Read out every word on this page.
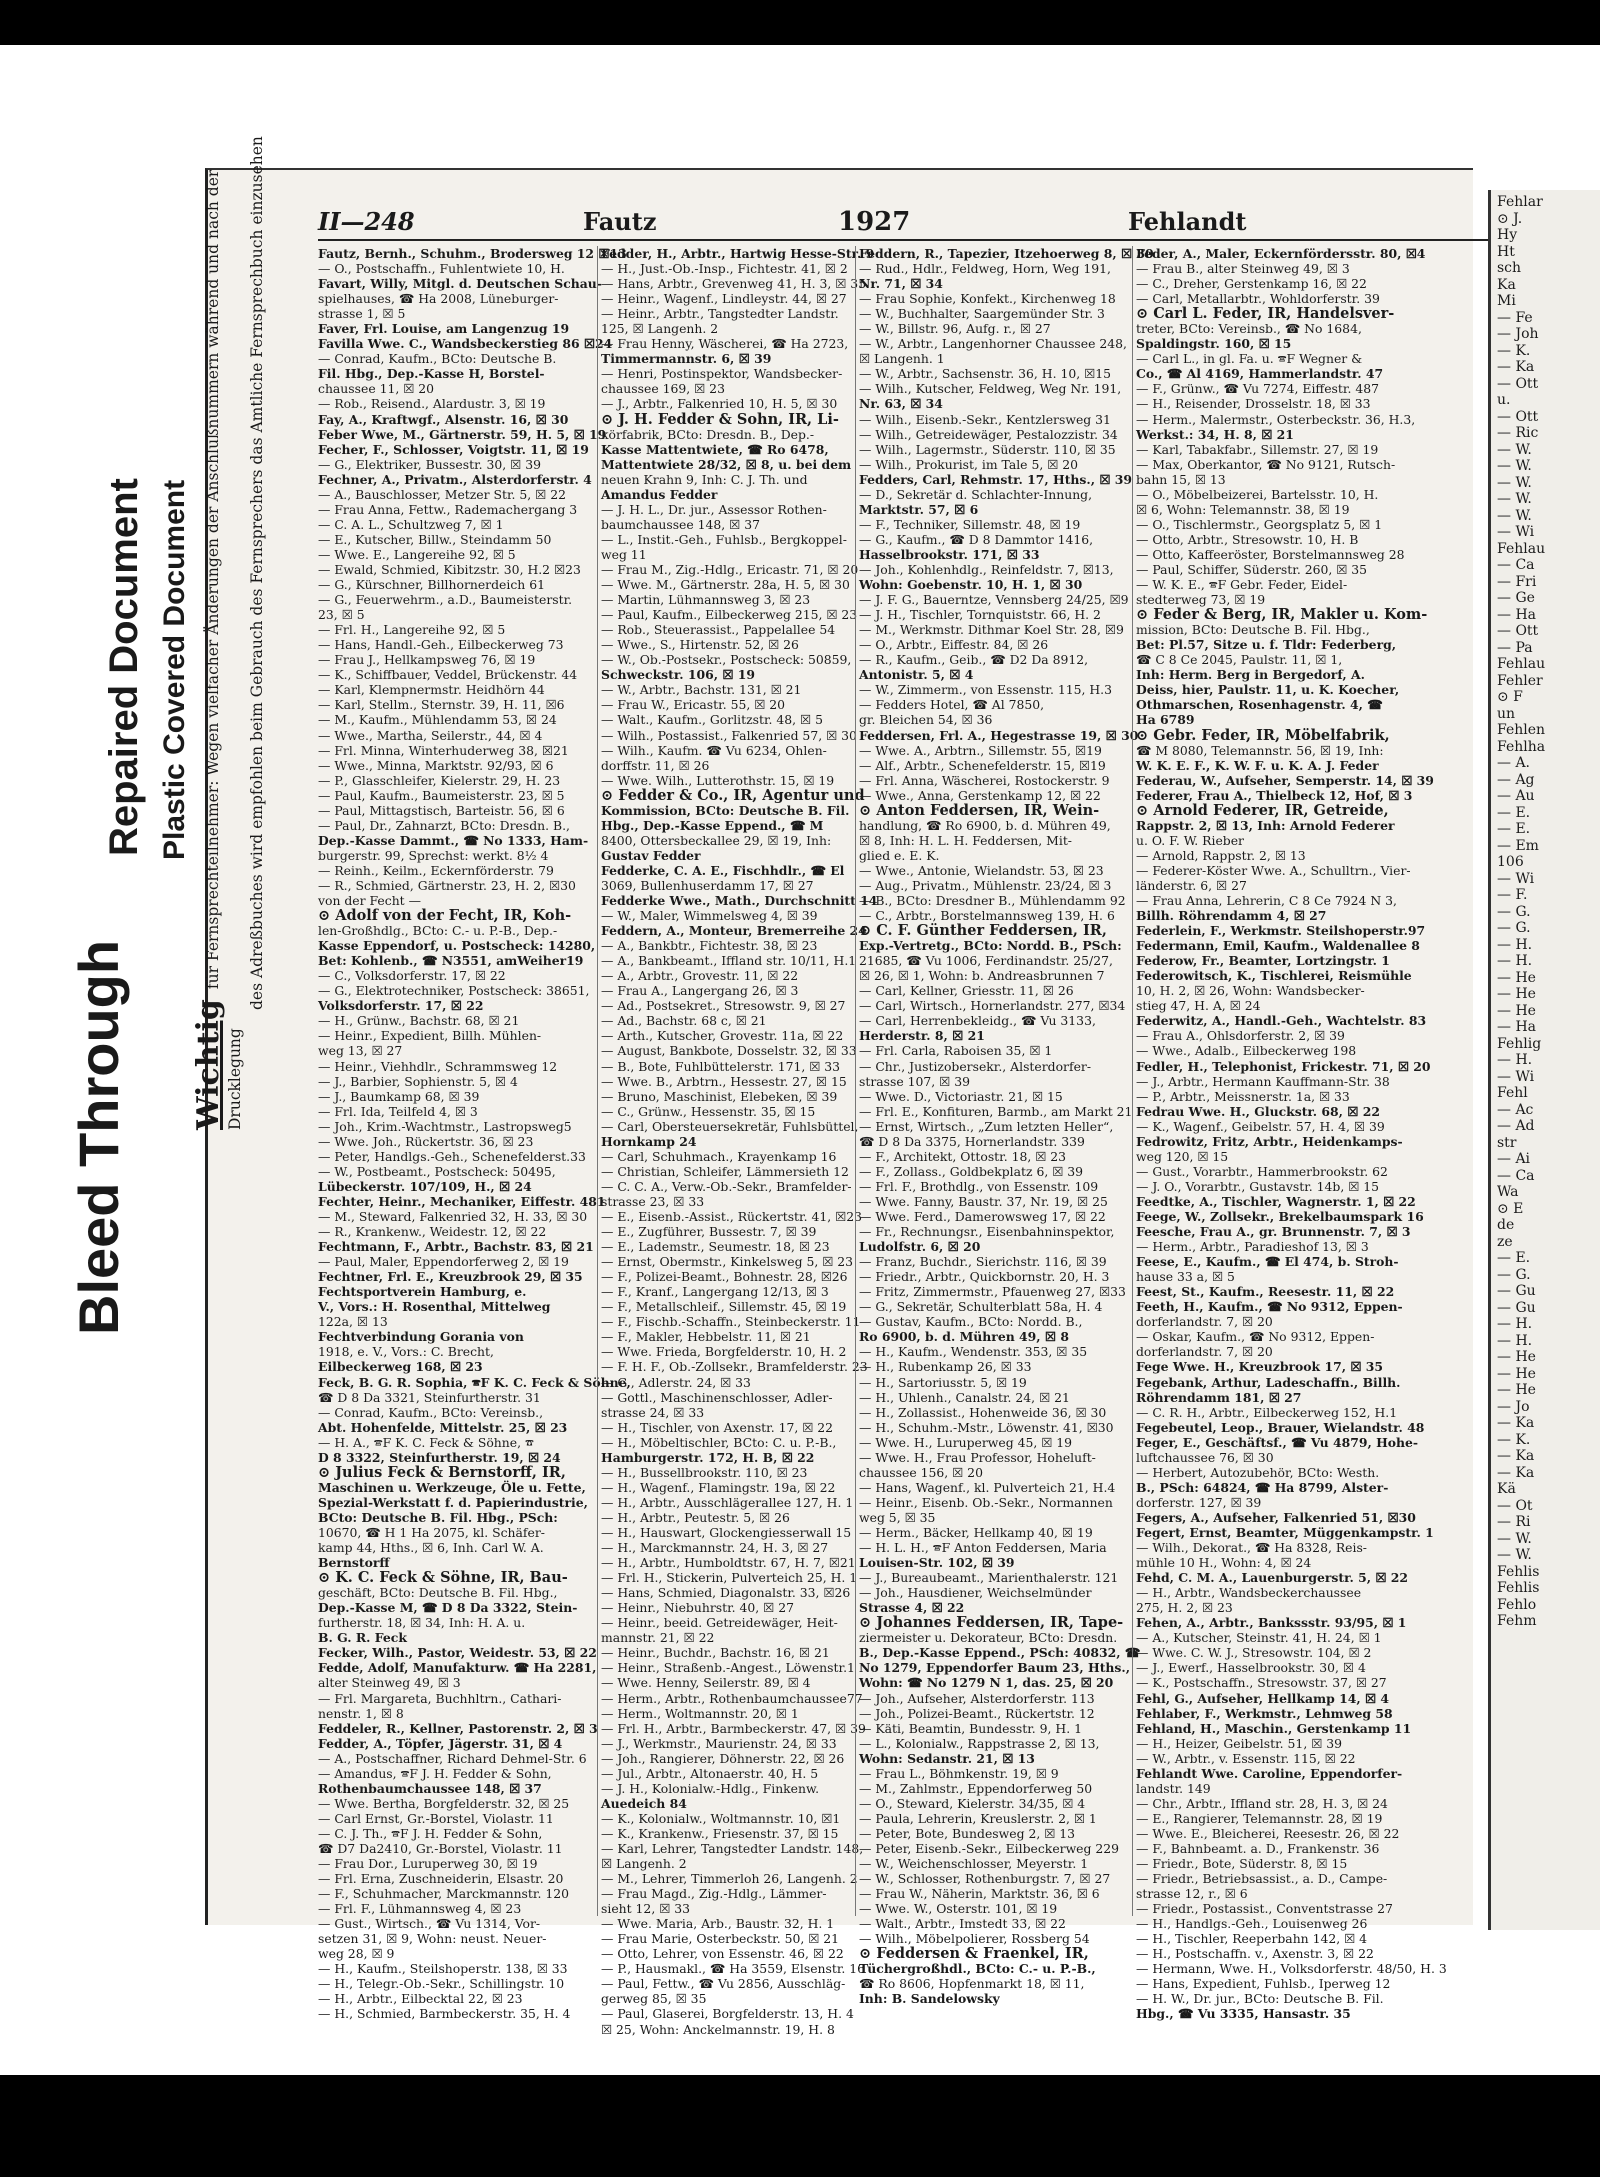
Bleed Through
Repaired Document Plastic Covered Document
Wichtigfür Fernsprechteilnehmer: Wegen vielfacher Änderungen der Anschlußnummern während und nach der Drucklegung
des Adreßbuches wird empfohlen beim Gebrauch des Fernsprechers das Amtliche Fernsprechbuch einzusehen II—248	Fautz	1927	Fehlandt
Fautz, Bernh., Schuhm., Brodersweg 12 ☒13
— O., Postschaffn., Fuhlentwiete 10, H.
Favart, Willy, Mitgl. d. Deutschen Schau-
spielhauses, ☎ Ha 2008, Lüneburger-
strasse 1, ☒ 5
Faver, Frl. Louise, am Langenzug 19
Favilla Wwe. C., Wandsbeckerstieg 86 ☒24
— Conrad, Kaufm., BCto: Deutsche B.
Fil. Hbg., Dep.-Kasse H, Borstel-
chaussee 11, ☒ 20
— Rob., Reisend., Alardustr. 3, ☒ 19
Fay, A., Kraftwgf., Alsenstr. 16, ☒ 30
Feber Wwe, M., Gärtnerstr. 59, H. 5, ☒ 19
Fecher, F., Schlosser, Voigtstr. 11, ☒ 19
— G., Elektriker, Bussestr. 30, ☒ 39
Fechner, A., Privatm., Alsterdorferstr. 4
— A., Bauschlosser, Metzer Str. 5, ☒ 22
— Frau Anna, Fettw., Rademachergang 3
— C. A. L., Schultzweg 7, ☒ 1
— E., Kutscher, Billw., Steindamm 50
— Wwe. E., Langereihe 92, ☒ 5
— Ewald, Schmied, Kibitzstr. 30, H.2 ☒23
— G., Kürschner, Billhornerdeich 61
— G., Feuerwehrm., a.D., Baumeisterstr.
23, ☒ 5
— Frl. H., Langereihe 92, ☒ 5
— Hans, Handl.-Geh., Eilbeckerweg 73
— Frau J., Hellkampsweg 76, ☒ 19
— K., Schiffbauer, Veddel, Brückenstr. 44
— Karl, Klempnermstr. Heidhörn 44
— Karl, Stellm., Sternstr. 39, H. 11, ☒6
— M., Kaufm., Mühlendamm 53, ☒ 24
— Wwe., Martha, Seilerstr., 44, ☒ 4
— Frl. Minna, Winterhuderweg 38, ☒21
— Wwe., Minna, Marktstr. 92/93, ☒ 6
— P., Glasschleifer, Kielerstr. 29, H. 23
— Paul, Kaufm., Baumeisterstr. 23, ☒ 5
— Paul, Mittagstisch, Barteistr. 56, ☒ 6
— Paul, Dr., Zahnarzt, BCto: Dresdn. B.,
Dep.-Kasse Dammt., ☎ No 1333, Ham-
burgerstr. 99, Sprechst: werkt. 8½ 4
— Reinh., Keilm., Eckernförderstr. 79
— R., Schmied, Gärtnerstr. 23, H. 2, ☒30
von der Fecht —
⊙ Adolf von der Fecht, IR, Koh-
len-Großhdlg., BCto: C.- u. P.-B., Dep.-
Kasse Eppendorf, u. Postscheck: 14280,
Bet: Kohlenb., ☎ N3551, amWeiher19
— C., Volksdorferstr. 17, ☒ 22
— G., Elektrotechniker, Postscheck: 38651,
Volksdorferstr. 17, ☒ 22
— H., Grünw., Bachstr. 68, ☒ 21
— Heinr., Expedient, Billh. Mühlen-
weg 13, ☒ 27
— Heinr., Viehhdlr., Schrammsweg 12
— J., Barbier, Sophienstr. 5, ☒ 4
— J., Baumkamp 68, ☒ 39
— Frl. Ida, Teilfeld 4, ☒ 3
— Joh., Krim.-Wachtmstr., Lastropsweg5
— Wwe. Joh., Rückertstr. 36, ☒ 23
— Peter, Handlgs.-Geh., Schenefelderst.33
— W., Postbeamt., Postscheck: 50495,
Lübeckerstr. 107/109, H., ☒ 24
Fechter, Heinr., Mechaniker, Eiffestr. 481
— M., Steward, Falkenried 32, H. 33, ☒ 30
— R., Krankenw., Weidestr. 12, ☒ 22
Fechtmann, F., Arbtr., Bachstr. 83, ☒ 21
— Paul, Maler, Eppendorferweg 2, ☒ 19
Fechtner, Frl. E., Kreuzbrook 29, ☒ 35
Fechtsportverein Hamburg, e.
V., Vors.: H. Rosenthal, Mittelweg
122a, ☒ 13
Fechtverbindung Gorania von
1918, e. V., Vors.: C. Brecht,
Eilbeckerweg 168, ☒ 23
Feck, B. G. R. Sophia, 🕿F K. C. Feck & Söhne,
☎ D 8 Da 3321, Steinfurtherstr. 31
— Conrad, Kaufm., BCto: Vereinsb.,
Abt. Hohenfelde, Mittelstr. 25, ☒ 23
— H. A., 🕿F K. C. Feck & Söhne, ☎
D 8 3322, Steinfurtherstr. 19, ☒ 24
⊙ Julius Feck & Bernstorff, IR,
Maschinen u. Werkzeuge, Öle u. Fette,
Spezial-Werkstatt f. d. Papierindustrie,
BCto: Deutsche B. Fil. Hbg., PSch:
10670, ☎ H 1 Ha 2075, kl. Schäfer-
kamp 44, Hths., ☒ 6, Inh. Carl W. A.
Bernstorff
⊙ K. C. Feck & Söhne, IR, Bau-
geschäft, BCto: Deutsche B. Fil. Hbg.,
Dep.-Kasse M, ☎ D 8 Da 3322, Stein-
furtherstr. 18, ☒ 34, Inh: H. A. u.
B. G. R. Feck
Fecker, Wilh., Pastor, Weidestr. 53, ☒ 22
Fedde, Adolf, Manufakturw. ☎ Ha 2281,
alter Steinweg 49, ☒ 3
— Frl. Margareta, Buchhltrn., Cathari-
nenstr. 1, ☒ 8
Feddeler, R., Kellner, Pastorenstr. 2, ☒ 3
Fedder, A., Töpfer, Jägerstr. 31, ☒ 4
— A., Postschaffner, Richard Dehmel-Str. 6
— Amandus, 🕿F J. H. Fedder & Sohn,
Rothenbaumchaussee 148, ☒ 37
— Wwe. Bertha, Borgfelderstr. 32, ☒ 25
— Carl Ernst, Gr.-Borstel, Violastr. 11
— C. J. Th., 🕿F J. H. Fedder & Sohn,
☎ D7 Da2410, Gr.-Borstel, Violastr. 11
— Frau Dor., Luruperweg 30, ☒ 19
— Frl. Erna, Zuschneiderin, Elsastr. 20
— F., Schuhmacher, Marckmannstr. 120
— Frl. F., Lühmannsweg 4, ☒ 23
— Gust., Wirtsch., ☎ Vu 1314, Vor-
setzen 31, ☒ 9, Wohn: neust. Neuer-
weg 28, ☒ 9
— H., Kaufm., Steilshoperstr. 138, ☒ 33
— H., Telegr.-Ob.-Sekr., Schillingstr. 10
— H., Arbtr., Eilbecktal 22, ☒ 23
— H., Schmied, Barmbeckerstr. 35, H. 4
Fedder, H., Arbtr., Hartwig Hesse-Str. 9
— H., Just.-Ob.-Insp., Fichtestr. 41, ☒ 2
— Hans, Arbtr., Grevenweg 41, H. 3, ☒ 35
— Heinr., Wagenf., Lindleystr. 44, ☒ 27
— Heinr., Arbtr., Tangstedter Landstr.
125, ☒ Langenh. 2
— Frau Henny, Wäscherei, ☎ Ha 2723,
Timmermannstr. 6, ☒ 39
— Henri, Postinspektor, Wandsbecker-
chaussee 169, ☒ 23
— J., Arbtr., Falkenried 10, H. 5, ☒ 30
⊙ J. H. Fedder & Sohn, IR, Li-
körfabrik, BCto: Dresdn. B., Dep.-
Kasse Mattentwiete, ☎ Ro 6478,
Mattentwiete 28/32, ☒ 8, u. bei dem
neuen Krahn 9, Inh: C. J. Th. und
Amandus Fedder
— J. H. L., Dr. jur., Assessor Rothen-
baumchaussee 148, ☒ 37
— L., Instit.-Geh., Fuhlsb., Bergkoppel-
weg 11
— Frau M., Zig.-Hdlg., Ericastr. 71, ☒ 20
— Wwe. M., Gärtnerstr. 28a, H. 5, ☒ 30
— Martin, Lühmannsweg 3, ☒ 23
— Paul, Kaufm., Eilbeckerweg 215, ☒ 23
— Rob., Steuerassist., Pappelallee 54
— Wwe., S., Hirtenstr. 52, ☒ 26
— W., Ob.-Postsekr., Postscheck: 50859,
Schweckstr. 106, ☒ 19
— W., Arbtr., Bachstr. 131, ☒ 21
— Frau W., Ericastr. 55, ☒ 20
— Walt., Kaufm., Gorlitzstr. 48, ☒ 5
— Wilh., Postassist., Falkenried 57, ☒ 30
— Wilh., Kaufm. ☎ Vu 6234, Ohlen-
dorffstr. 11, ☒ 26
— Wwe. Wilh., Lutterothstr. 15, ☒ 19
⊙ Fedder & Co., IR, Agentur und
Kommission, BCto: Deutsche B. Fil.
Hbg., Dep.-Kasse Eppend., ☎ M
8400, Ottersbeckallee 29, ☒ 19, Inh:
Gustav Fedder
Fedderke, C. A. E., Fischhdlr., ☎ El
3069, Bullenhuserdamm 17, ☒ 27
Fedderke Wwe., Math., Durchschnitt 14
— W., Maler, Wimmelsweg 4, ☒ 39
Feddern, A., Monteur, Bremerreihe 24
— A., Bankbtr., Fichtestr. 38, ☒ 23
— A., Bankbeamt., Iffland str. 10/11, H.1
— A., Arbtr., Grovestr. 11, ☒ 22
— Frau A., Langergang 26, ☒ 3
— Ad., Postsekret., Stresowstr. 9, ☒ 27
— Ad., Bachstr. 68 c, ☒ 21
— Arth., Kutscher, Grovestr. 11a, ☒ 22
— August, Bankbote, Dosselstr. 32, ☒ 33
— B., Bote, Fuhlbüttelerstr. 171, ☒ 33
— Wwe. B., Arbtrn., Hessestr. 27, ☒ 15
— Bruno, Maschinist, Elebeken, ☒ 39
— C., Grünw., Hessenstr. 35, ☒ 15
— Carl, Obersteuersekretär, Fuhlsbüttel,
Hornkamp 24
— Carl, Schuhmach., Krayenkamp 16
— Christian, Schleifer, Lämmersieth 12
— C. C. A., Verw.-Ob.-Sekr., Bramfelder-
strasse 23, ☒ 33
— E., Eisenb.-Assist., Rückertstr. 41, ☒23
— E., Zugführer, Bussestr. 7, ☒ 39
— E., Lademstr., Seumestr. 18, ☒ 23
— Ernst, Obermstr., Kinkelsweg 5, ☒ 23
— F., Polizei-Beamt., Bohnestr. 28, ☒26
— F., Kranf., Langergang 12/13, ☒ 3
— F., Metallschleif., Sillemstr. 45, ☒ 19
— F., Fischb.-Schaffn., Steinbeckerstr. 11
— F., Makler, Hebbelstr. 11, ☒ 21
— Wwe. Frieda, Borgfelderstr. 10, H. 2
— F. H. F., Ob.-Zollsekr., Bramfelderstr. 23
— G., Adlerstr. 24, ☒ 33
— Gottl., Maschinenschlosser, Adler-
strasse 24, ☒ 33
— H., Tischler, von Axenstr. 17, ☒ 22
— H., Möbeltischler, BCto: C. u. P.-B.,
Hamburgerstr. 172, H. B, ☒ 22
— H., Bussellbrookstr. 110, ☒ 23
— H., Wagenf., Flamingstr. 19a, ☒ 22
— H., Arbtr., Ausschlägerallee 127, H. 1
— H., Arbtr., Peutestr. 5, ☒ 26
— H., Hauswart, Glockengiesserwall 15
— H., Marckmannstr. 24, H. 3, ☒ 27
— H., Arbtr., Humboldtstr. 67, H. 7, ☒21
— Frl. H., Stickerin, Pulverteich 25, H. 1
— Hans, Schmied, Diagonalstr. 33, ☒26
— Heinr., Niebuhrstr. 40, ☒ 27
— Heinr., beeid. Getreidewäger, Heit-
mannstr. 21, ☒ 22
— Heinr., Buchdr., Bachstr. 16, ☒ 21
— Heinr., Straßenb.-Angest., Löwenstr.1
— Wwe. Henny, Seilerstr. 89, ☒ 4
— Herm., Arbtr., Rothenbaumchaussee77
— Herm., Woltmannstr. 20, ☒ 1
— Frl. H., Arbtr., Barmbeckerstr. 47, ☒ 39
— J., Werkmstr., Maurienstr. 24, ☒ 33
— Joh., Rangierer, Döhnerstr. 22, ☒ 26
— Jul., Arbtr., Altonaerstr. 40, H. 5
— J. H., Kolonialw.-Hdlg., Finkenw.
Auedeich 84
— K., Kolonialw., Woltmannstr. 10, ☒1
— K., Krankenw., Friesenstr. 37, ☒ 15
— Karl, Lehrer, Tangstedter Landstr. 148,
☒ Langenh. 2
— M., Lehrer, Timmerloh 26, Langenh. 2
— Frau Magd., Zig.-Hdlg., Lämmer-
sieht 12, ☒ 33
— Wwe. Maria, Arb., Baustr. 32, H. 1
— Frau Marie, Osterbeckstr. 50, ☒ 21
— Otto, Lehrer, von Essenstr. 46, ☒ 22
— P., Hausmakl., ☎ Ha 3559, Elsenstr. 16
— Paul, Fettw., ☎ Vu 2856, Ausschläg-
gerweg 85, ☒ 35
— Paul, Glaserei, Borgfelderstr. 13, H. 4
☒ 25, Wohn: Anckelmannstr. 19, H. 8
Feddern, R., Tapezier, Itzehoerweg 8, ☒ 30
— Rud., Hdlr., Feldweg, Horn, Weg 191,
Nr. 71, ☒ 34
— Frau Sophie, Konfekt., Kirchenweg 18
— W., Buchhalter, Saargemünder Str. 3
— W., Billstr. 96, Aufg. r., ☒ 27
— W., Arbtr., Langenhorner Chaussee 248,
☒ Langenh. 1
— W., Arbtr., Sachsenstr. 36, H. 10, ☒15
— Wilh., Kutscher, Feldweg, Weg Nr. 191,
Nr. 63, ☒ 34
— Wilh., Eisenb.-Sekr., Kentzlersweg 31
— Wilh., Getreidewäger, Pestalozzistr. 34
— Wilh., Lagermstr., Süderstr. 110, ☒ 35
— Wilh., Prokurist, im Tale 5, ☒ 20
Fedders, Carl, Rehmstr. 17, Hths., ☒ 39
— D., Sekretär d. Schlachter-Innung,
Marktstr. 57, ☒ 6
— F., Techniker, Sillemstr. 48, ☒ 19
— G., Kaufm., ☎ D 8 Dammtor 1416,
Hasselbrookstr. 171, ☒ 33
— Joh., Kohlenhdlg., Reinfeldstr. 7, ☒13,
Wohn: Goebenstr. 10, H. 1, ☒ 30
— J. F. G., Bauerntze, Vennsberg 24/25, ☒9
— J. H., Tischler, Tornquiststr. 66, H. 2
— M., Werkmstr. Dithmar Koel Str. 28, ☒9
— O., Arbtr., Eiffestr. 84, ☒ 26
— R., Kaufm., Geib., ☎ D2 Da 8912,
Antonistr. 5, ☒ 4
— W., Zimmerm., von Essenstr. 115, H.3
— Fedders Hotel, ☎ Al 7850,
gr. Bleichen 54, ☒ 36
Feddersen, Frl. A., Hegestrasse 19, ☒ 30
— Wwe. A., Arbtrn., Sillemstr. 55, ☒19
— Alf., Arbtr., Schenefelderstr. 15, ☒19
— Frl. Anna, Wäscherei, Rostockerstr. 9
— Wwe., Anna, Gerstenkamp 12, ☒ 22
⊙ Anton Feddersen, IR, Wein-
handlung, ☎ Ro 6900, b. d. Mühren 49,
☒ 8, Inh: H. L. H. Feddersen, Mit-
glied e. E. K.
— Wwe., Antonie, Wielandstr. 53, ☒ 23
— Aug., Privatm., Mühlenstr. 23/24, ☒ 3
— B., BCto: Dresdner B., Mühlendamm 92
— C., Arbtr., Borstelmannsweg 139, H. 6
⊙ C. F. Günther Feddersen, IR,
Exp.-Vertretg., BCto: Nordd. B., PSch:
21685, ☎ Vu 1006, Ferdinandstr. 25/27,
☒ 26, ☒ 1, Wohn: b. Andreasbrunnen 7
— Carl, Kellner, Griesstr. 11, ☒ 26
— Carl, Wirtsch., Hornerlandstr. 277, ☒34
— Carl, Herrenbekleidg., ☎ Vu 3133,
Herderstr. 8, ☒ 21
— Frl. Carla, Raboisen 35, ☒ 1
— Chr., Justizobersekr., Alsterdorfer-
strasse 107, ☒ 39
— Wwe. D., Victoriastr. 21, ☒ 15
— Frl. E., Konfituren, Barmb., am Markt 21
— Ernst, Wirtsch., „Zum letzten Heller“,
☎ D 8 Da 3375, Hornerlandstr. 339
— F., Architekt, Ottostr. 18, ☒ 23
— F., Zollass., Goldbekplatz 6, ☒ 39
— Frl. F., Brothdlg., von Essenstr. 109
— Wwe. Fanny, Baustr. 37, Nr. 19, ☒ 25
— Wwe. Ferd., Damerowsweg 17, ☒ 22
— Fr., Rechnungsr., Eisenbahninspektor,
Ludolfstr. 6, ☒ 20
— Franz, Buchdr., Sierichstr. 116, ☒ 39
— Friedr., Arbtr., Quickbornstr. 20, H. 3
— Fritz, Zimmermstr., Pfauenweg 27, ☒33
— G., Sekretär, Schulterblatt 58a, H. 4
— Gustav, Kaufm., BCto: Nordd. B.,
Ro 6900, b. d. Mühren 49, ☒ 8
— H., Kaufm., Wendenstr. 353, ☒ 35
— H., Rubenkamp 26, ☒ 33
— H., Sartoriusstr. 5, ☒ 19
— H., Uhlenh., Canalstr. 24, ☒ 21
— H., Zollassist., Hohenweide 36, ☒ 30
— H., Schuhm.-Mstr., Löwenstr. 41, ☒30
— Wwe. H., Luruperweg 45, ☒ 19
— Wwe. H., Frau Professor, Hoheluft-
chaussee 156, ☒ 20
— Hans, Wagenf., kl. Pulverteich 21, H.4
— Heinr., Eisenb. Ob.-Sekr., Normannen
weg 5, ☒ 35
— Herm., Bäcker, Hellkamp 40, ☒ 19
— H. L. H., 🕿F Anton Feddersen, Maria
Louisen-Str. 102, ☒ 39
— J., Bureaubeamt., Marienthalerstr. 121
— Joh., Hausdiener, Weichselmünder
Strasse 4, ☒ 22
⊙ Johannes Feddersen, IR, Tape-
ziermeister u. Dekorateur, BCto: Dresdn.
B., Dep.-Kasse Eppend., PSch: 40832, ☎
No 1279, Eppendorfer Baum 23, Hths.,
Wohn: ☎ No 1279 N 1, das. 25, ☒ 20
— Joh., Aufseher, Alsterdorferstr. 113
— Joh., Polizei-Beamt., Rückertstr. 12
— Käti, Beamtin, Bundesstr. 9, H. 1
— L., Kolonialw., Rappstrasse 2, ☒ 13,
Wohn: Sedanstr. 21, ☒ 13
— Frau L., Böhmkenstr. 19, ☒ 9
— M., Zahlmstr., Eppendorferweg 50
— O., Steward, Kielerstr. 34/35, ☒ 4
— Paula, Lehrerin, Kreuslerstr. 2, ☒ 1
— Peter, Bote, Bundesweg 2, ☒ 13
— Peter, Eisenb.-Sekr., Eilbeckerweg 229
— W., Weichenschlosser, Meyerstr. 1
— W., Schlosser, Rothenburgstr. 7, ☒ 27
— Frau W., Näherin, Marktstr. 36, ☒ 6
— Wwe. W., Osterstr. 101, ☒ 19
— Walt., Arbtr., Imstedt 33, ☒ 22
— Wilh., Möbelpolierer, Rossberg 54
⊙ Feddersen & Fraenkel, IR,
Tüchergroßhdl., BCto: C.- u. P.-B.,
☎ Ro 8606, Hopfenmarkt 18, ☒ 11,
Inh: B. Sandelowsky
Feder, A., Maler, Eckernfördersstr. 80, ☒4
— Frau B., alter Steinweg 49, ☒ 3
— C., Dreher, Gerstenkamp 16, ☒ 22
— Carl, Metallarbtr., Wohldorferstr. 39
⊙ Carl L. Feder, IR, Handelsver-
treter, BCto: Vereinsb., ☎ No 1684,
Spaldingstr. 160, ☒ 15
— Carl L., in gl. Fa. u. 🕿F Wegner &
Co., ☎ Al 4169, Hammerlandstr. 47
— F., Grünw., ☎ Vu 7274, Eiffestr. 487
— H., Reisender, Drosselstr. 18, ☒ 33
— Herm., Malermstr., Osterbeckstr. 36, H.3,
Werkst.: 34, H. 8, ☒ 21
— Karl, Tabakfabr., Sillemstr. 27, ☒ 19
— Max, Oberkantor, ☎ No 9121, Rutsch-
bahn 15, ☒ 13
— O., Möbelbeizerei, Bartelsstr. 10, H.
☒ 6, Wohn: Telemannstr. 38, ☒ 19
— O., Tischlermstr., Georgsplatz 5, ☒ 1
— Otto, Arbtr., Stresowstr. 10, H. B
— Otto, Kaffeeröster, Borstelmannsweg 28
— Paul, Schiffer, Süderstr. 260, ☒ 35
— W. K. E., 🕿F Gebr. Feder, Eidel-
stedterweg 73, ☒ 19
⊙ Feder & Berg, IR, Makler u. Kom-
mission, BCto: Deutsche B. Fil. Hbg.,
Bet: Pl.57, Sitze u. f. Tldr: Federberg,
☎ C 8 Ce 2045, Paulstr. 11, ☒ 1,
Inh: Herm. Berg in Bergedorf, A.
Deiss, hier, Paulstr. 11, u. K. Koecher,
Othmarschen, Rosenhagenstr. 4, ☎
Ha 6789
⊙ Gebr. Feder, IR, Möbelfabrik,
☎ M 8080, Telemannstr. 56, ☒ 19, Inh:
W. K. E. F., K. W. F. u. K. A. J. Feder
Federau, W., Aufseher, Semperstr. 14, ☒ 39
Federer, Frau A., Thielbeck 12, Hof, ☒ 3
⊙ Arnold Federer, IR, Getreide,
Rappstr. 2, ☒ 13, Inh: Arnold Federer
u. O. F. W. Rieber
— Arnold, Rappstr. 2, ☒ 13
— Federer-Köster Wwe. A., Schulltrn., Vier-
länderstr. 6, ☒ 27
— Frau Anna, Lehrerin, C 8 Ce 7924 N 3,
Billh. Röhrendamm 4, ☒ 27
Federlein, F., Werkmstr. Steilshoperstr.97
Federmann, Emil, Kaufm., Waldenallee 8
Federow, Fr., Beamter, Lortzingstr. 1
Federowitsch, K., Tischlerei, Reismühle
10, H. 2, ☒ 26, Wohn: Wandsbecker-
stieg 47, H. A, ☒ 24
Federwitz, A., Handl.-Geh., Wachtelstr. 83
— Frau A., Ohlsdorferstr. 2, ☒ 39
— Wwe., Adalb., Eilbeckerweg 198
Fedler, H., Telephonist, Frickestr. 71, ☒ 20
— J., Arbtr., Hermann Kauffmann-Str. 38
— P., Arbtr., Meissnerstr. 1a, ☒ 33
Fedrau Wwe. H., Gluckstr. 68, ☒ 22
— K., Wagenf., Geibelstr. 57, H. 4, ☒ 39
Fedrowitz, Fritz, Arbtr., Heidenkamps-
weg 120, ☒ 15
— Gust., Vorarbtr., Hammerbrookstr. 62
— J. O., Vorarbtr., Gustavstr. 14b, ☒ 15
Feedtke, A., Tischler, Wagnerstr. 1, ☒ 22
Feege, W., Zollsekr., Brekelbaumspark 16
Feesche, Frau A., gr. Brunnenstr. 7, ☒ 3
— Herm., Arbtr., Paradieshof 13, ☒ 3
Feese, E., Kaufm., ☎ El 474, b. Stroh-
hause 33 a, ☒ 5
Feest, St., Kaufm., Reesestr. 11, ☒ 22
Feeth, H., Kaufm., ☎ No 9312, Eppen-
dorferlandstr. 7, ☒ 20
— Oskar, Kaufm., ☎ No 9312, Eppen-
dorferlandstr. 7, ☒ 20
Fege Wwe. H., Kreuzbrook 17, ☒ 35
Fegebank, Arthur, Ladeschaffn., Billh.
Röhrendamm 181, ☒ 27
— C. R. H., Arbtr., Eilbeckerweg 152, H.1
Fegebeutel, Leop., Brauer, Wielandstr. 48
Feger, E., Geschäftsf., ☎ Vu 4879, Hohe-
luftchaussee 76, ☒ 30
— Herbert, Autozubehör, BCto: Westh.
B., PSch: 64824, ☎ Ha 8799, Alster-
dorferstr. 127, ☒ 39
Fegers, A., Aufseher, Falkenried 51, ☒30
Fegert, Ernst, Beamter, Müggenkampstr. 1
— Wilh., Dekorat., ☎ Ha 8328, Reis-
mühle 10 H., Wohn: 4, ☒ 24
Fehd, C. M. A., Lauenburgerstr. 5, ☒ 22
— H., Arbtr., Wandsbeckerchaussee
275, H. 2, ☒ 23
Fehen, A., Arbtr., Bankssstr. 93/95, ☒ 1
— A., Kutscher, Steinstr. 41, H. 24, ☒ 1
— Wwe. C. W. J., Stresowstr. 104, ☒ 2
— J., Ewerf., Hasselbrookstr. 30, ☒ 4
— K., Postschaffn., Stresowstr. 37, ☒ 27
Fehl, G., Aufseher, Hellkamp 14, ☒ 4
Fehlaber, F., Werkmstr., Lehmweg 58
Fehland, H., Maschin., Gerstenkamp 11
— H., Heizer, Geibelstr. 51, ☒ 39
— W., Arbtr., v. Essenstr. 115, ☒ 22
Fehlandt Wwe. Caroline, Eppendorfer-
landstr. 149
— Chr., Arbtr., Iffland str. 28, H. 3, ☒ 24
— E., Rangierer, Telemannstr. 28, ☒ 19
— Wwe. E., Bleicherei, Reesestr. 26, ☒ 22
— F., Bahnbeamt. a. D., Frankenstr. 36
— Friedr., Bote, Süderstr. 8, ☒ 15
— Friedr., Betriebsassist., a. D., Campe-
strasse 12, r., ☒ 6
— Friedr., Postassist., Conventstrasse 27
— H., Handlgs.-Geh., Louisenweg 26
— H., Tischler, Reeperbahn 142, ☒ 4
— H., Postschaffn. v., Axenstr. 3, ☒ 22
— Hermann, Wwe. H., Volksdorferstr. 48/50, H. 3
— Hans, Expedient, Fuhlsb., Iperweg 12
— H. W., Dr. jur., BCto: Deutsche B. Fil.
Hbg., ☎ Vu 3335, Hansastr. 35
Fehlar
⊙ J.
Hy
Ht
sch
Ka
Mi
— Fe
— Joh
— K.
— Ka
— Ott
u.
— Ott
— Ric
— W.
— W.
— W.
— W.
— W.
— Wi
Fehlau
— Ca
— Fri
— Ge
— Ha
— Ott
— Pa
Fehlau
Fehler
⊙ F
un
Fehlen
Fehlha
— A.
— Ag
— Au
— E.
— E.
— Em
106
— Wi
— F.
— G.
— G.
— H.
— H.
— He
— He
— He
— Ha
Fehlig
— H.
— Wi
Fehl
— Ac
— Ad
str
— Ai
— Ca
Wa
⊙ E
de
ze
— E.
— G.
— Gu
— Gu
— H.
— H.
— He
— He
— He
— Jo
— Ka
— K.
— Ka
— Ka
Kä
— Ot
— Ri
— W.
— W.
Fehlis
Fehlis
Fehlo
Fehm
